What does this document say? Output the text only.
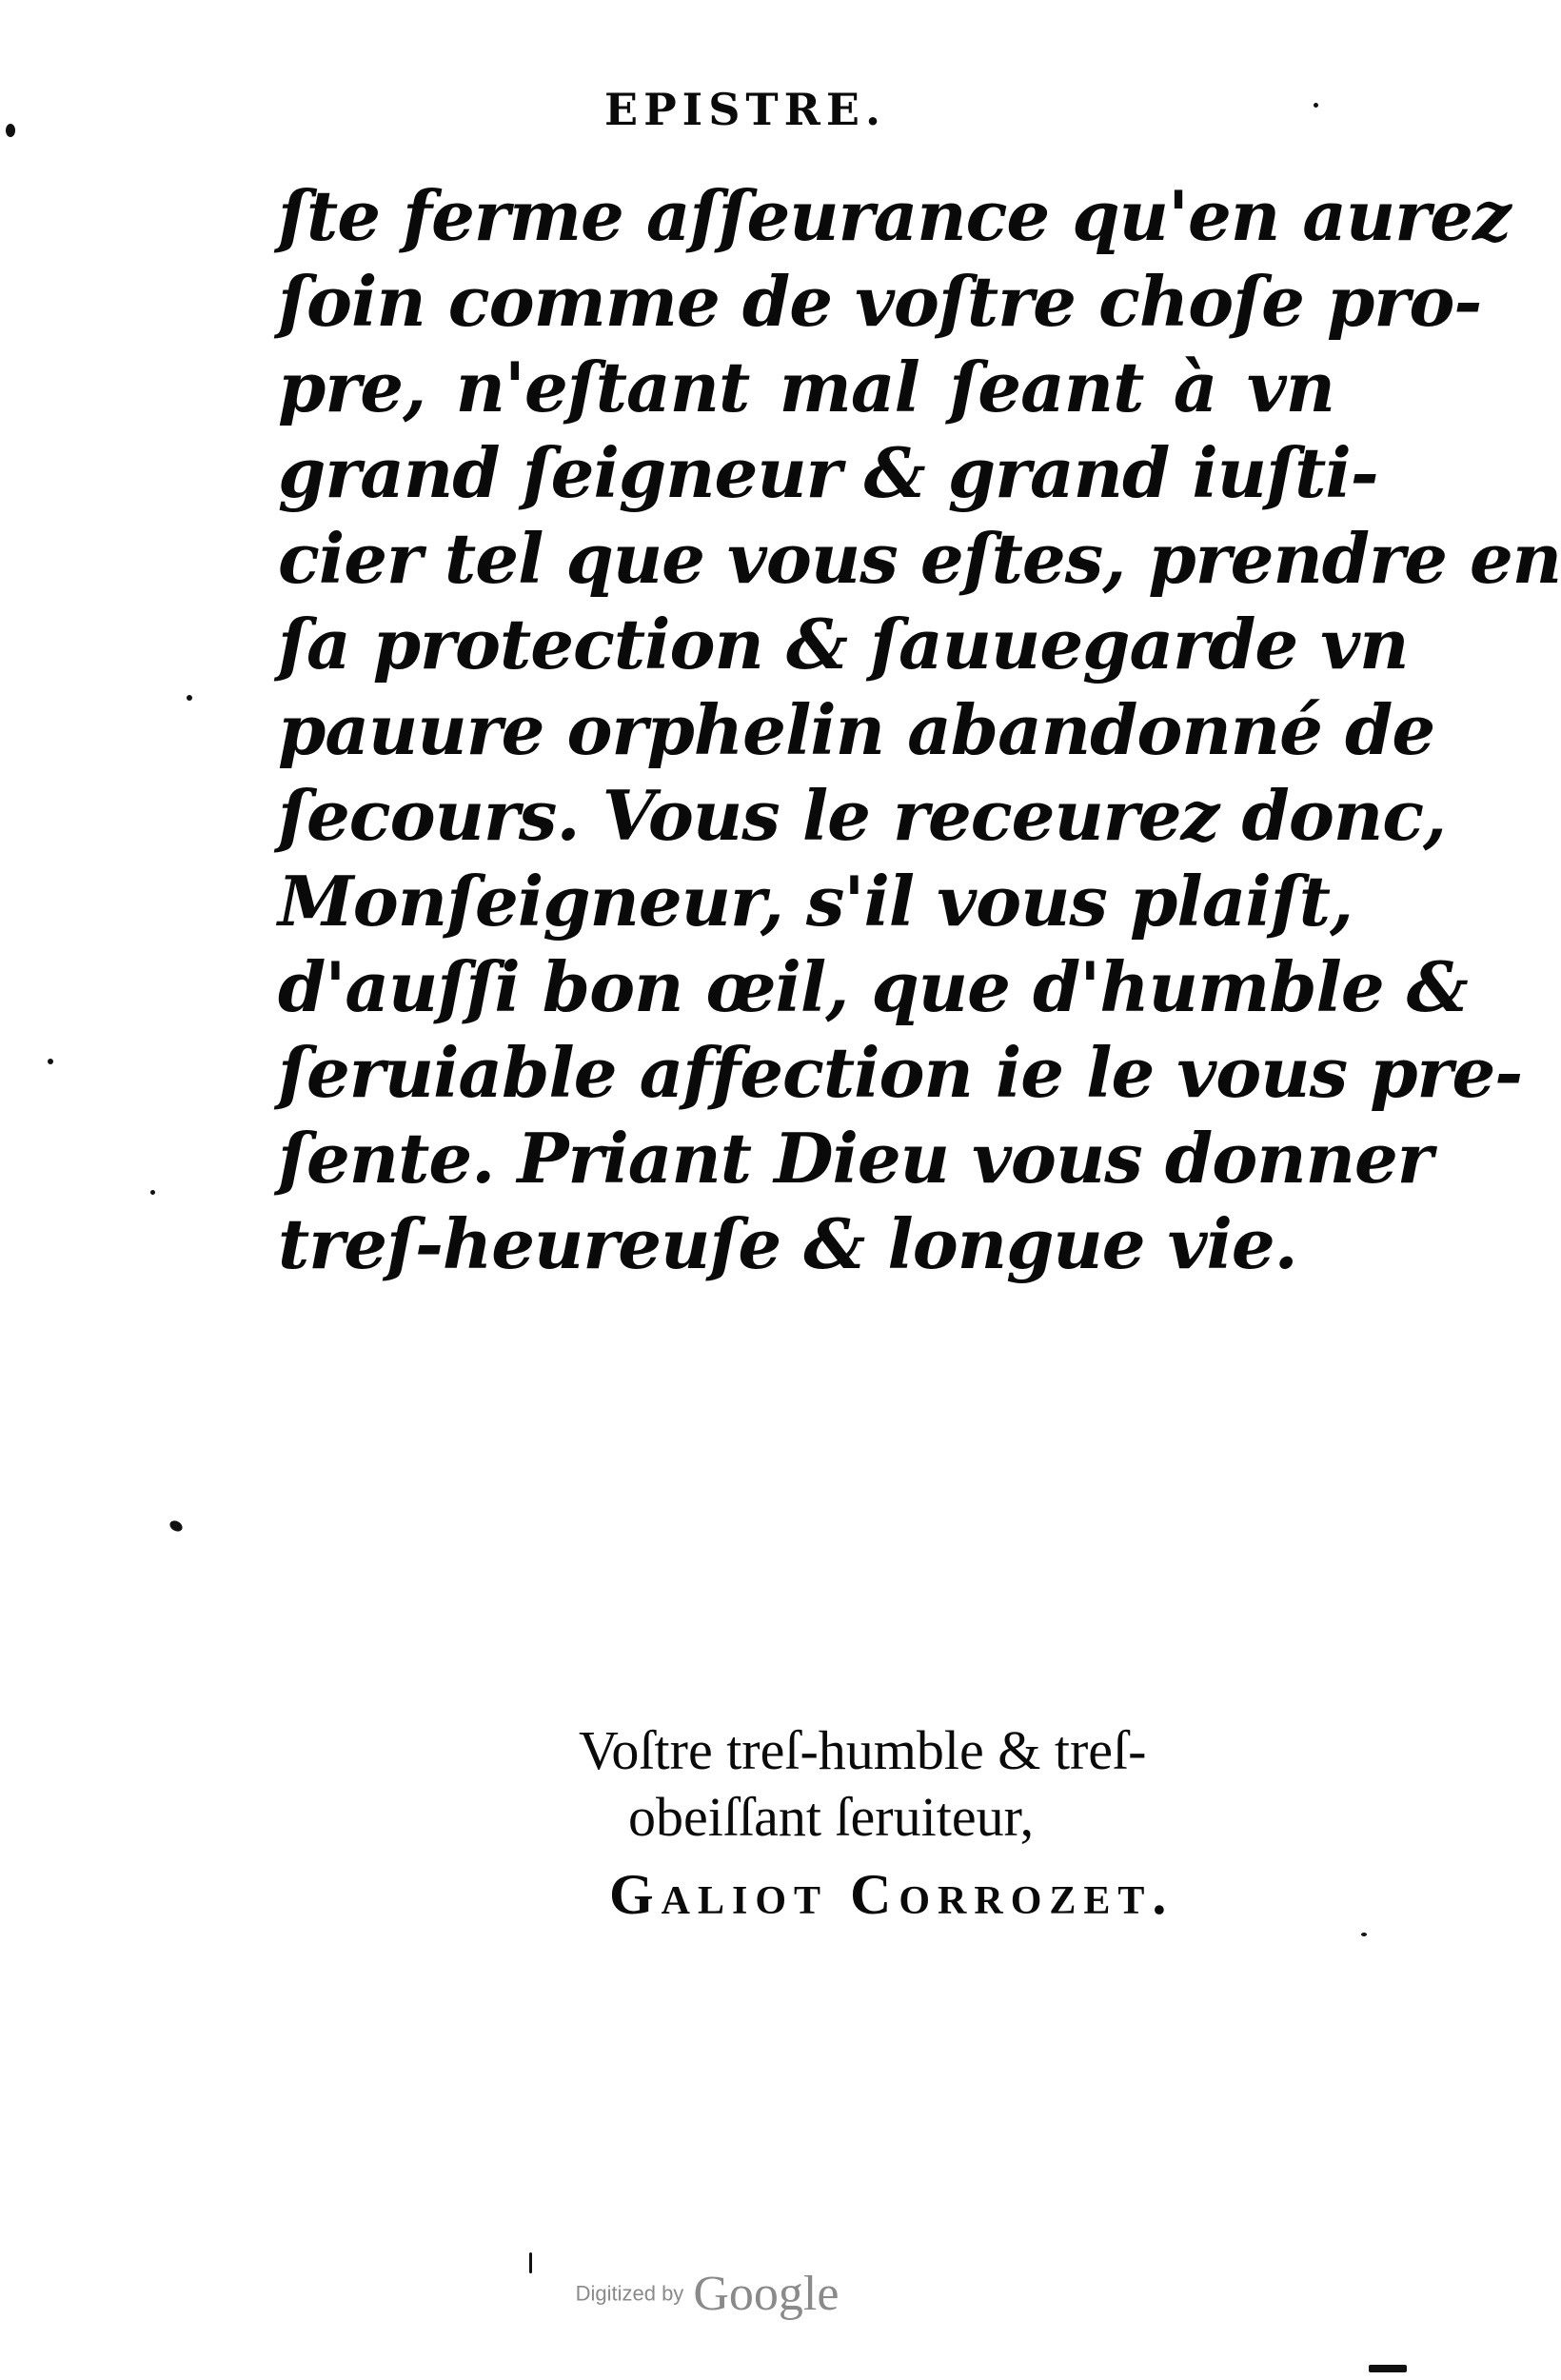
EPISTRE.
ſte ferme aſſeurance qu'en aurez
ſoin comme de voſtre choſe pro-
pre, n'eſtant mal ſeant à vn
grand ſeigneur & grand iuſti-
cier tel que vous eſtes, prendre en
ſa protection & ſauuegarde vn
pauure orphelin abandonné de
ſecours. Vous le receurez donc,
Monſeigneur, s'il vous plaiſt,
d'auſſi bon œil, que d'humble &
ſeruiable affection ie le vous pre-
ſente. Priant Dieu vous donner
treſ-heureuſe & longue vie.
Voſtre treſ-humble & treſ-
obeiſſant ſeruiteur,
Galiot Corrozet.
Digitized by Google
